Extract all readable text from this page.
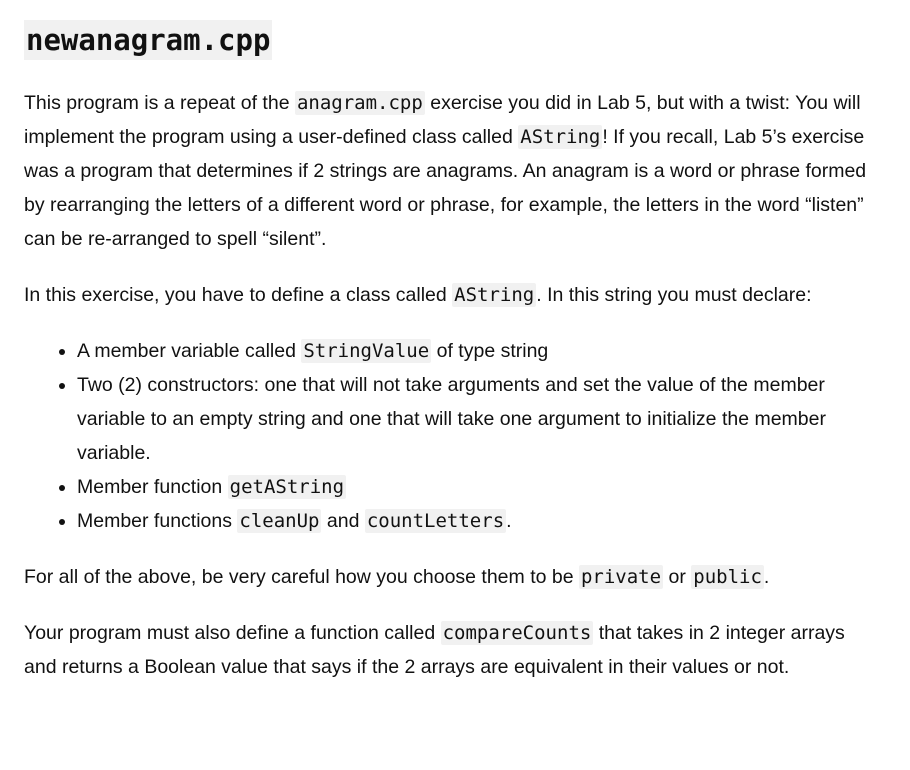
newanagram.cpp

This program is a repeat of the anagram.cpp exercise you did in Lab 5, but with a twist: You will implement the program using a user-defined class called AString ! If you recall, Lab 5’s exercise was a program that determines if 2 strings are anagrams. An anagram is a word or phrase formed by rearranging the letters of a different word or phrase, for example, the letters in the word “listen” can be re-arranged to spell “silent”.

In this exercise, you have to define a class called AString . In this string you must declare:

• A member variable called StringValue of type string
• Two (2) constructors: one that will not take arguments and set the value of the member variable to an empty string and one that will take one argument to initialize the member variable.
• Member function getAString
• Member functions cleanUp and countLetters .

For all of the above, be very careful how you choose them to be private or public .

Your program must also define a function called compareCounts that takes in 2 integer arrays and returns a Boolean value that says if the 2 arrays are equivalent in their values or not.
